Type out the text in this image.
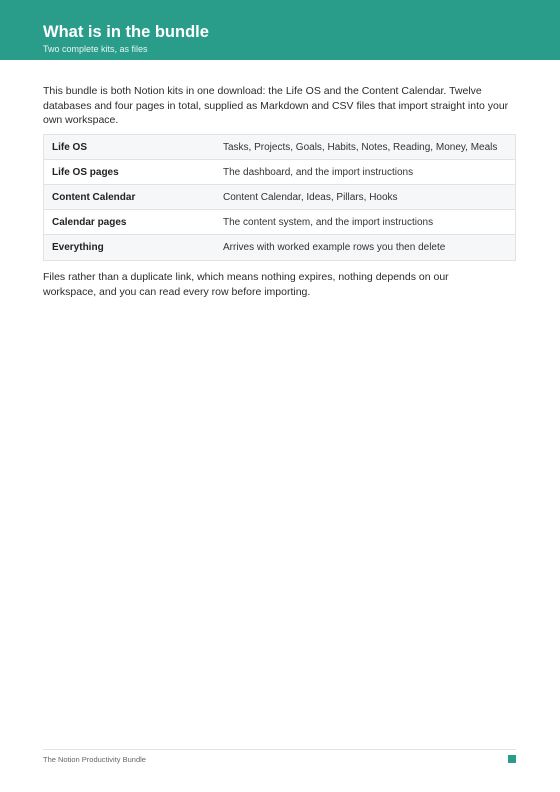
What is in the bundle
Two complete kits, as files

This bundle is both Notion kits in one download: the Life OS and the Content Calendar. Twelve databases and four pages in total, supplied as Markdown and CSV files that import straight into your own workspace.

Life OS	Tasks, Projects, Goals, Habits, Notes, Reading, Money, Meals
Life OS pages	The dashboard, and the import instructions
Content Calendar	Content Calendar, Ideas, Pillars, Hooks
Calendar pages	The content system, and the import instructions
Everything	Arrives with worked example rows you then delete

Files rather than a duplicate link, which means nothing expires, nothing depends on our workspace, and you can read every row before importing.

The Notion Productivity Bundle
